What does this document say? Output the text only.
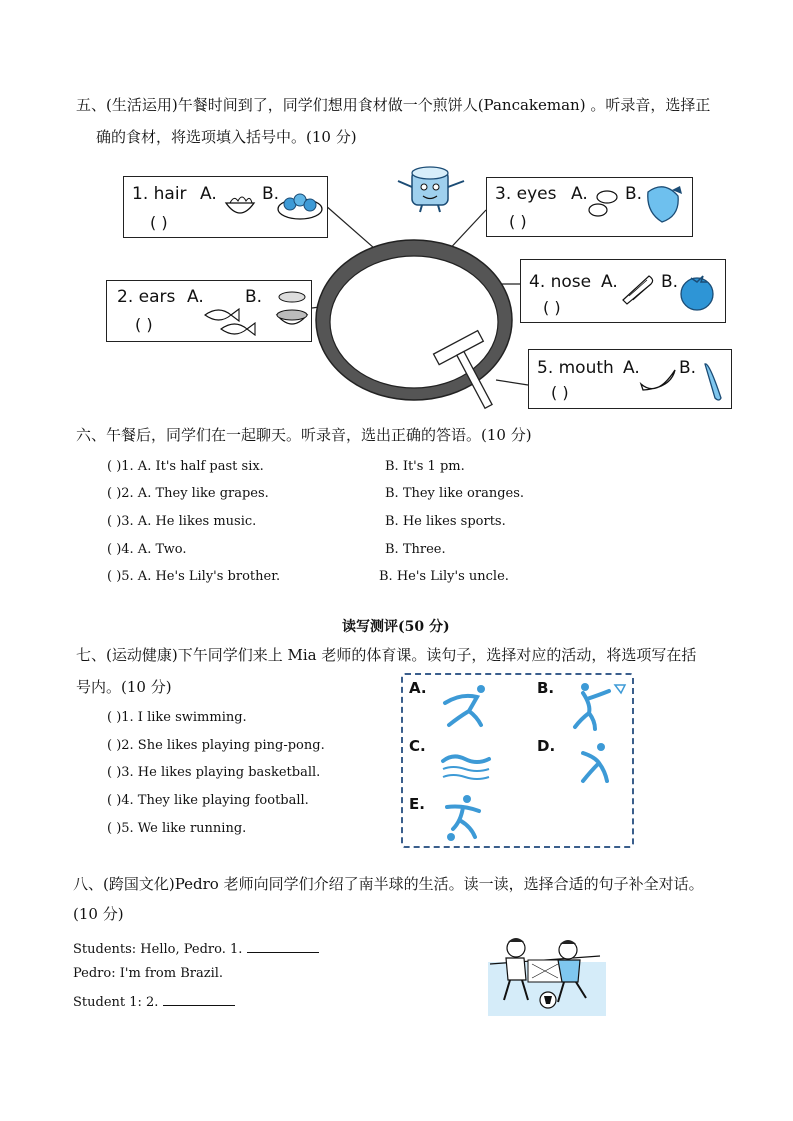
五、(生活运用)午餐时间到了，同学们想用食材做一个煎饼人(Pancakeman) 。听录音，选择正
确的食材，将选项填入括号中。(10 分)
1. hair A.	B.
( )
2. ears A. B.
( )
3. eyes A. B.
( )
4. nose A.	B.
( )
5. mouth A. B.
( )
六、午餐后，同学们在一起聊天。听录音，选出正确的答语。(10 分)
( )1. A. It's half past six.	B. It's 1 pm.
( )2. A. They like grapes.	B. They like oranges.
( )3. A. He likes music.	B. He likes sports.
( )4. A. Two.	B. Three.
( )5. A. He's Lily's brother.	B. He's Lily's uncle.
读写测评(50 分)
七、(运动健康)下午同学们来上 Mia 老师的体育课。读句子，选择对应的活动，将选项写在括
号内。(10 分)
( )1. I like swimming.
( )2. She likes playing ping-pong.
( )3. He likes playing basketball.
( )4. They like playing football.
( )5. We like running.
A.	B.
C.	D.
E.
八、(跨国文化)Pedro 老师向同学们介绍了南半球的生活。读一读，选择合适的句子补全对话。
(10 分)
Students: Hello, Pedro. 1.
Pedro: I'm from Brazil.
Student 1: 2.
